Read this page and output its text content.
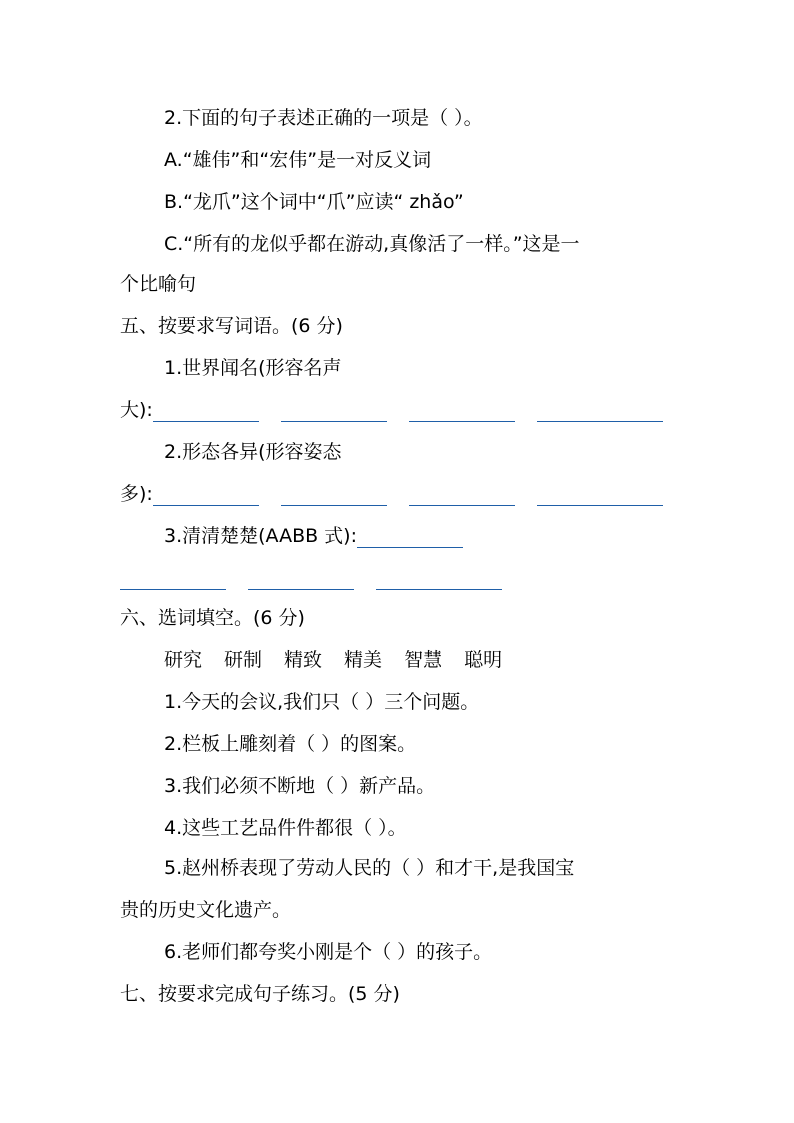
2.下面的句子表述正确的一项是（ ）。
A.“雄伟”和“宏伟”是一对反义词
B.“龙爪”这个词中“爪”应读“ zhǎo”
C.“所有的龙似乎都在游动,真像活了一样。”这是一
个比喻句
五、按要求写词语。(6 分)
1.世界闻名(形容名声
大):
2.形态各异(形容姿态
多):
3.清清楚楚(AABB 式):
六、选词填空。(6 分)
研究 研制 精致 精美 智慧 聪明
1.今天的会议,我们只（ ）三个问题。
2.栏板上雕刻着（ ）的图案。
3.我们必须不断地（ ）新产品。
4.这些工艺品件件都很（ ）。
5.赵州桥表现了劳动人民的（ ）和才干,是我国宝
贵的历史文化遗产。
6.老师们都夸奖小刚是个（ ）的孩子。
七、按要求完成句子练习。(5 分)
